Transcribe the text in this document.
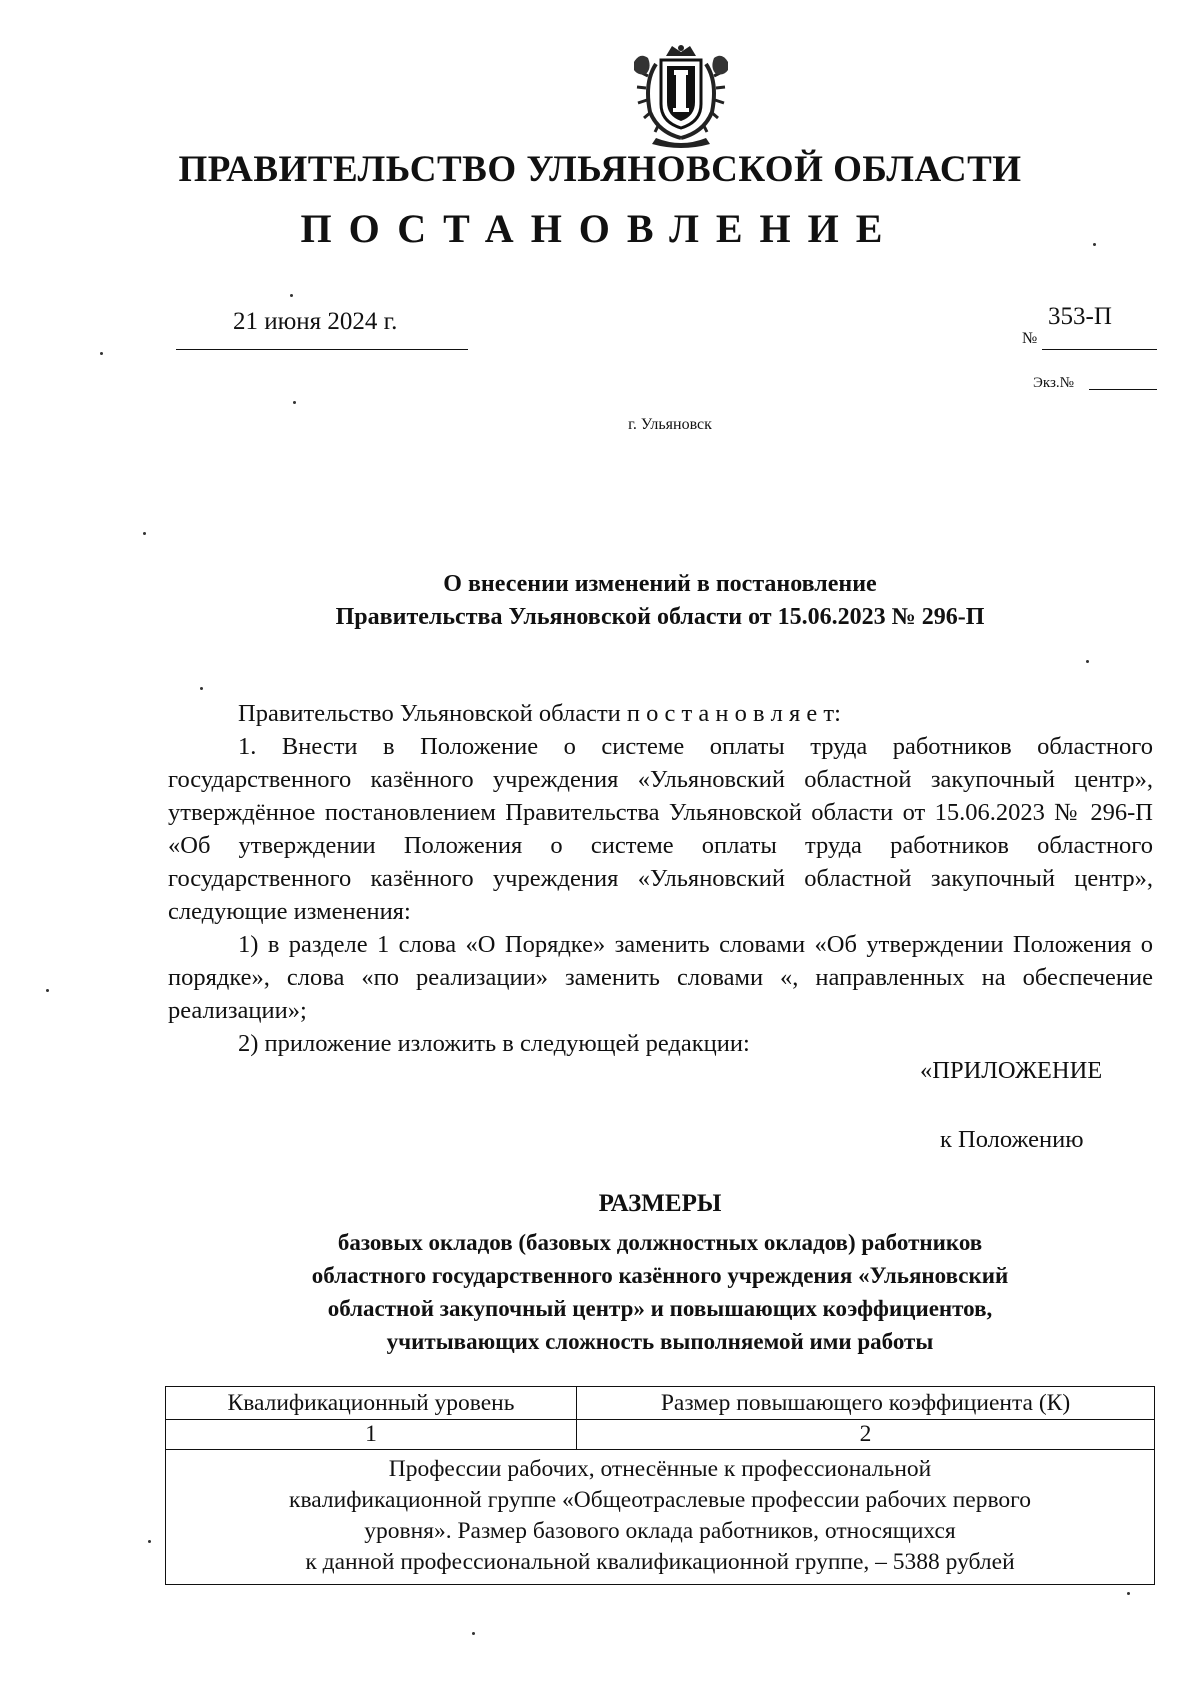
ПРАВИТЕЛЬСТВО УЛЬЯНОВСКОЙ ОБЛАСТИ
ПОСТАНОВЛЕНИЕ
21 июня 2024 г.
№
353-П
Экз.№
г. Ульяновск
О внесении изменений в постановление
Правительства Ульяновской области от 15.06.2023 № 296-П

Правительство Ульяновской области п о с т а н о в л я е т:

1. Внести в Положение о системе оплаты труда работников областного государственного казённого учреждения «Ульяновский областной закупочный центр», утверждённое постановлением Правительства Ульяновской области от 15.06.2023 № 296-П «Об утверждении Положения о системе оплаты труда работников областного государственного казённого учреждения «Ульяновский областной закупочный центр», следующие изменения:

1) в разделе 1 слова «О Порядке» заменить словами «Об утверждении Положения о порядке», слова «по реализации» заменить словами «, направленных на обеспечение реализации»;

2) приложение изложить в следующей редакции:

«ПРИЛОЖЕНИЕ
к Положению
РАЗМЕРЫ
базовых окладов (базовых должностных окладов) работников
областного государственного казённого учреждения «Ульяновский
областной закупочный центр» и повышающих коэффициентов,
учитывающих сложность выполняемой ими работы
Квалификационный уровень	Размер повышающего коэффициента (К)
1	2

Профессии рабочих, отнесённые к профессиональной
квалификационной группе «Общеотраслевые профессии рабочих первого
уровня». Размер базового оклада работников, относящихся
к данной профессиональной квалификационной группе, – 5388 рублей	
